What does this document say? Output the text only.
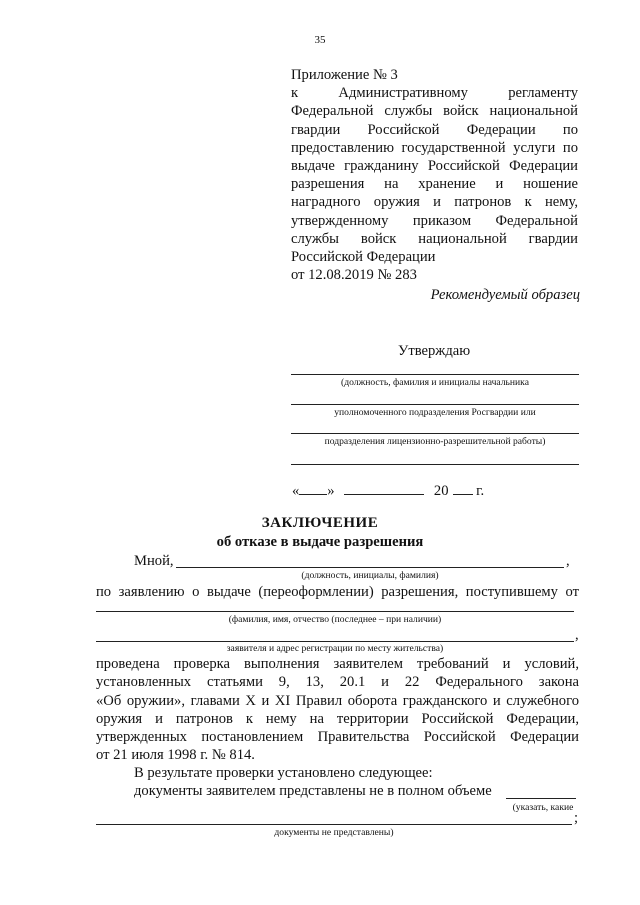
35
Приложение № 3
к Административному регламенту
Федеральной службы войск национальной
гвардии Российской Федерации по
предоставлению государственной услуги по
выдаче гражданину Российской Федерации
разрешения на хранение и ношение
наградного оружия и патронов к нему,
утвержденному приказом Федеральной
службы войск национальной гвардии
Российской Федерации
от 12.08.2019 № 283
Рекомендуемый образец
Утверждаю
(должность, фамилия и инициалы начальника
уполномоченного подразделения Росгвардии или
подразделения лицензионно-разрешительной работы)
« »	20 г.
ЗАКЛЮЧЕНИЕ
об отказе в выдаче разрешения
Мной,	,
(должность, инициалы, фамилия)
по заявлению о выдаче (переоформлении) разрешения, поступившему от
(фамилия, имя, отчество (последнее – при наличии)
,
заявителя и адрес регистрации по месту жительства)
проведена проверка выполнения заявителем требований и условий,
установленных статьями 9, 13, 20.1 и 22 Федерального закона
«Об оружии», главами X и XI Правил оборота гражданского и служебного
оружия и патронов к нему на территории Российской Федерации,
утвержденных постановлением Правительства Российской Федерации
от 21 июля 1998 г. № 814.
В результате проверки установлено следующее:
документы заявителем представлены не в полном объеме
(указать, какие
;
документы не представлены)
